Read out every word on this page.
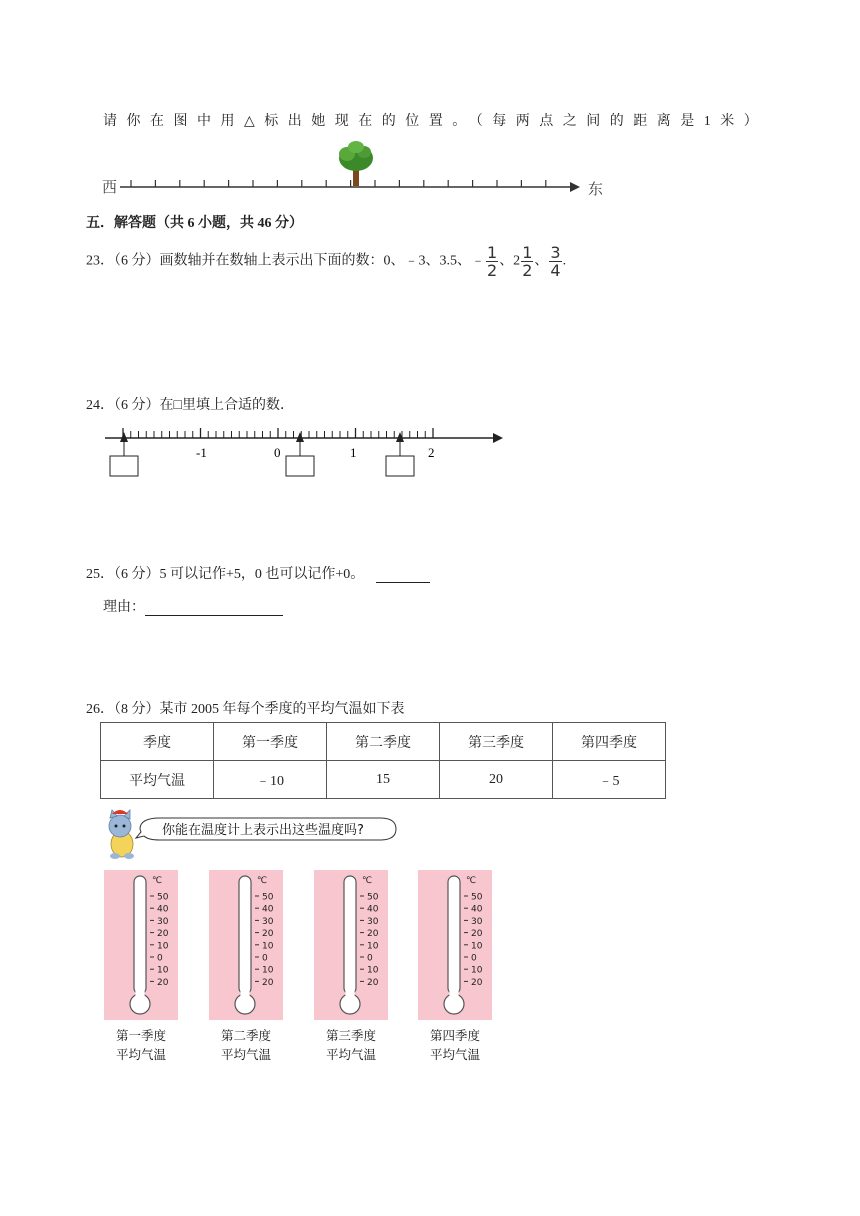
请你在图中用△标出她现在的位置。（每两点之间的距离是1米）
西	东
五．解答题（共 6 小题，共 46 分）
23．（6 分）画数轴并在数轴上表示出下面的数：0、﹣3、3.5、﹣ $\frac{1}{2}$ 、$2 \frac{1}{2}$ 、 $\frac{3}{4}$ .
24．（6 分）在□里填上合适的数．
-1	0	1	2
25．（6 分）5 可以记作+5，0 也可以记作+0。
理由：
26．（8 分）某市 2005 年每个季度的平均气温如下表
季度	第一季度	第二季度	第三季度	第四季度
平均气温	﹣10	15	20	﹣5
你能在温度计上表示出这些温度吗?
℃
50
40
30
20
10
0
10
20
℃
50
40
30
20
10
0
10
20
℃
50
40
30
20
10
0
10
20
℃
50
40
30
20
10
0
10
20
第一季度
平均气温
第二季度
平均气温
第三季度
平均气温
第四季度
平均气温
